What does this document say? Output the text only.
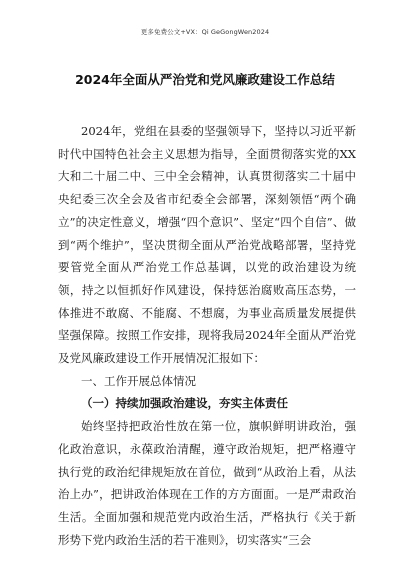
更多免费公文+VX：Qi GeGongWen2024
2024年全面从严治党和党风廉政建设工作总结

2024年，党组在县委的坚强领导下，坚持以习近平新时代中国特色社会主义思想为指导，全面贯彻落实党的XX大和二十届二中、三中全会精神，认真贯彻落实二十届中央纪委三次全会及省市纪委全会部署，深刻领悟“两个确立”的决定性意义，增强“四个意识”、坚定“四个自信”、做到“两个维护”，坚决贯彻全面从严治党战略部署，坚持党要管党全面从严治党工作总基调，以党的政治建设为统领，持之以恒抓好作风建设，保持惩治腐败高压态势，一体推进不敢腐、不能腐、不想腐，为事业高质量发展提供坚强保障。按照工作安排，现将我局2024年全面从严治党及党风廉政建设工作开展情况汇报如下：

一、工作开展总体情况

（一）持续加强政治建设，夯实主体责任

始终坚持把政治性放在第一位，旗帜鲜明讲政治，强化政治意识，永葆政治清醒，遵守政治规矩，把严格遵守执行党的政治纪律规矩放在首位，做到“从政治上看，从法治上办”，把讲政治体现在工作的方方面面。一是严肃政治生活。全面加强和规范党内政治生活，严格执行《关于新形势下党内政治生活的若干准则》，切实落实“三会
